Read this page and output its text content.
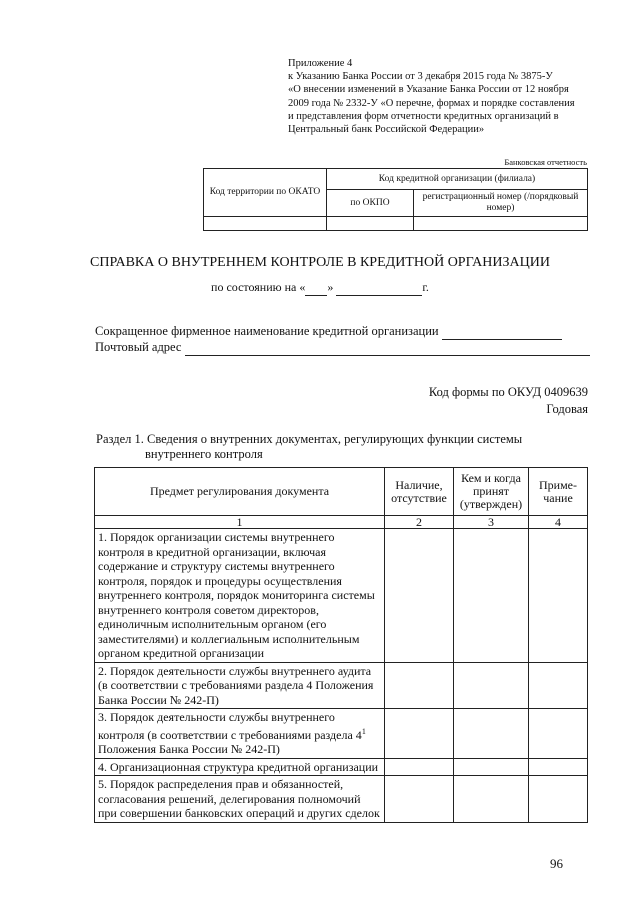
Приложение 4
к Указанию Банка России от 3 декабря 2015 года № 3875-У
«О внесении изменений в Указание Банка России от 12 ноября
2009 года № 2332-У «О перечне, формах и порядке составления
и представления форм отчетности кредитных организаций в
Центральный банк Российской Федерации»
Банковская отчетность
Код территории по ОКАТО	Код кредитной организации (филиала)	
	по ОКПО	регистрационный номер (/порядковый номер)

СПРАВКА О ВНУТРЕННЕМ КОНТРОЛЕ В КРЕДИТНОЙ ОРГАНИЗАЦИИ
по состоянию на « »	г.
Сокращенное фирменное наименование кредитной организации
Почтовый адрес
Код формы по ОКУД 0409639
Годовая
Раздел 1. Сведения о внутренних документах, регулирующих функции системы
внутреннего контроля
Предмет регулирования документа	Наличие, отсутствие	Кем и когда принят (утвержден)	Приме-чание
1	2	3	4
1. Порядок организации системы внутреннего контроля в кредитной организации, включая содержание и структуру системы внутреннего контроля, порядок и процедуры осуществления внутреннего контроля, порядок мониторинга системы внутреннего контроля советом директоров, единоличным исполнительным органом (его заместителями) и коллегиальным исполнительным органом кредитной организации			
2. Порядок деятельности службы внутреннего аудита (в соответствии с требованиями раздела 4 Положения Банка России № 242-П)			
3. Порядок деятельности службы внутреннего контроля (в соответствии с требованиями раздела $4^1$ Положения Банка России № 242-П)			
4. Организационная структура кредитной организации			
5. Порядок распределения прав и обязанностей, согласования решений, делегирования полномочий при совершении банковских операций и других сделок			
96
